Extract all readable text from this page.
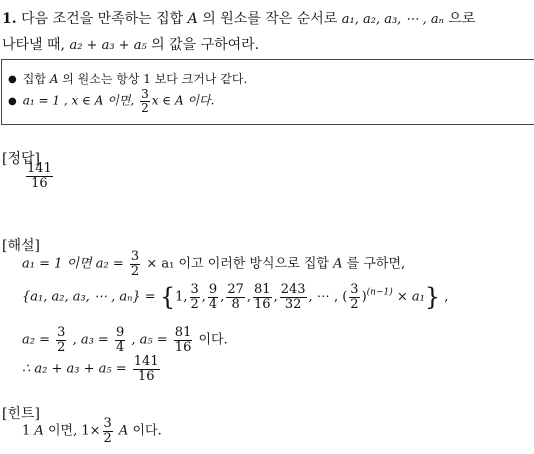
1. 다음 조건을 만족하는 집합 A 의 원소를 작은 순서로 a₁, a₂, a₃, ⋯ , aₙ 으로
나타낼 때, a₂ + a₃ + a₅ 의 값을 구하여라.
● 집합 A 의 원소는 항상 1 보다 크거나 같다.
● a₁ = 1 , x ∈ A 이면, $\frac{3}{2}$ x ∈ A 이다.
[정답]
$\frac{141}{16}$
[해설]
a₁ = 1 이면 $a_2 = \frac{3}{2} \times a_1$ 이고 이러한 방식으로 집합 A 를 구하면,
{a₁, a₂, a₃, ⋯ , aₙ} = {1, $\frac{3}{2}$ , $\frac{9}{4}$ , $\frac{27}{8}$ , $\frac{81}{16}$ , $\frac{243}{32}$ , ⋯ , ( $\frac{3}{2} )^{(n-1)} \times a_1$} ,
$a_2 = \frac{3}{2}$ , $a_3 = \frac{9}{4}$ , $a_5 = \frac{81}{16}$ 이다.
∴ $a_2 + a_3 + a_5 = \frac{141}{16}$
[힌트]
1 A 이면, $1\times \frac{3}{2}$ A 이다.
